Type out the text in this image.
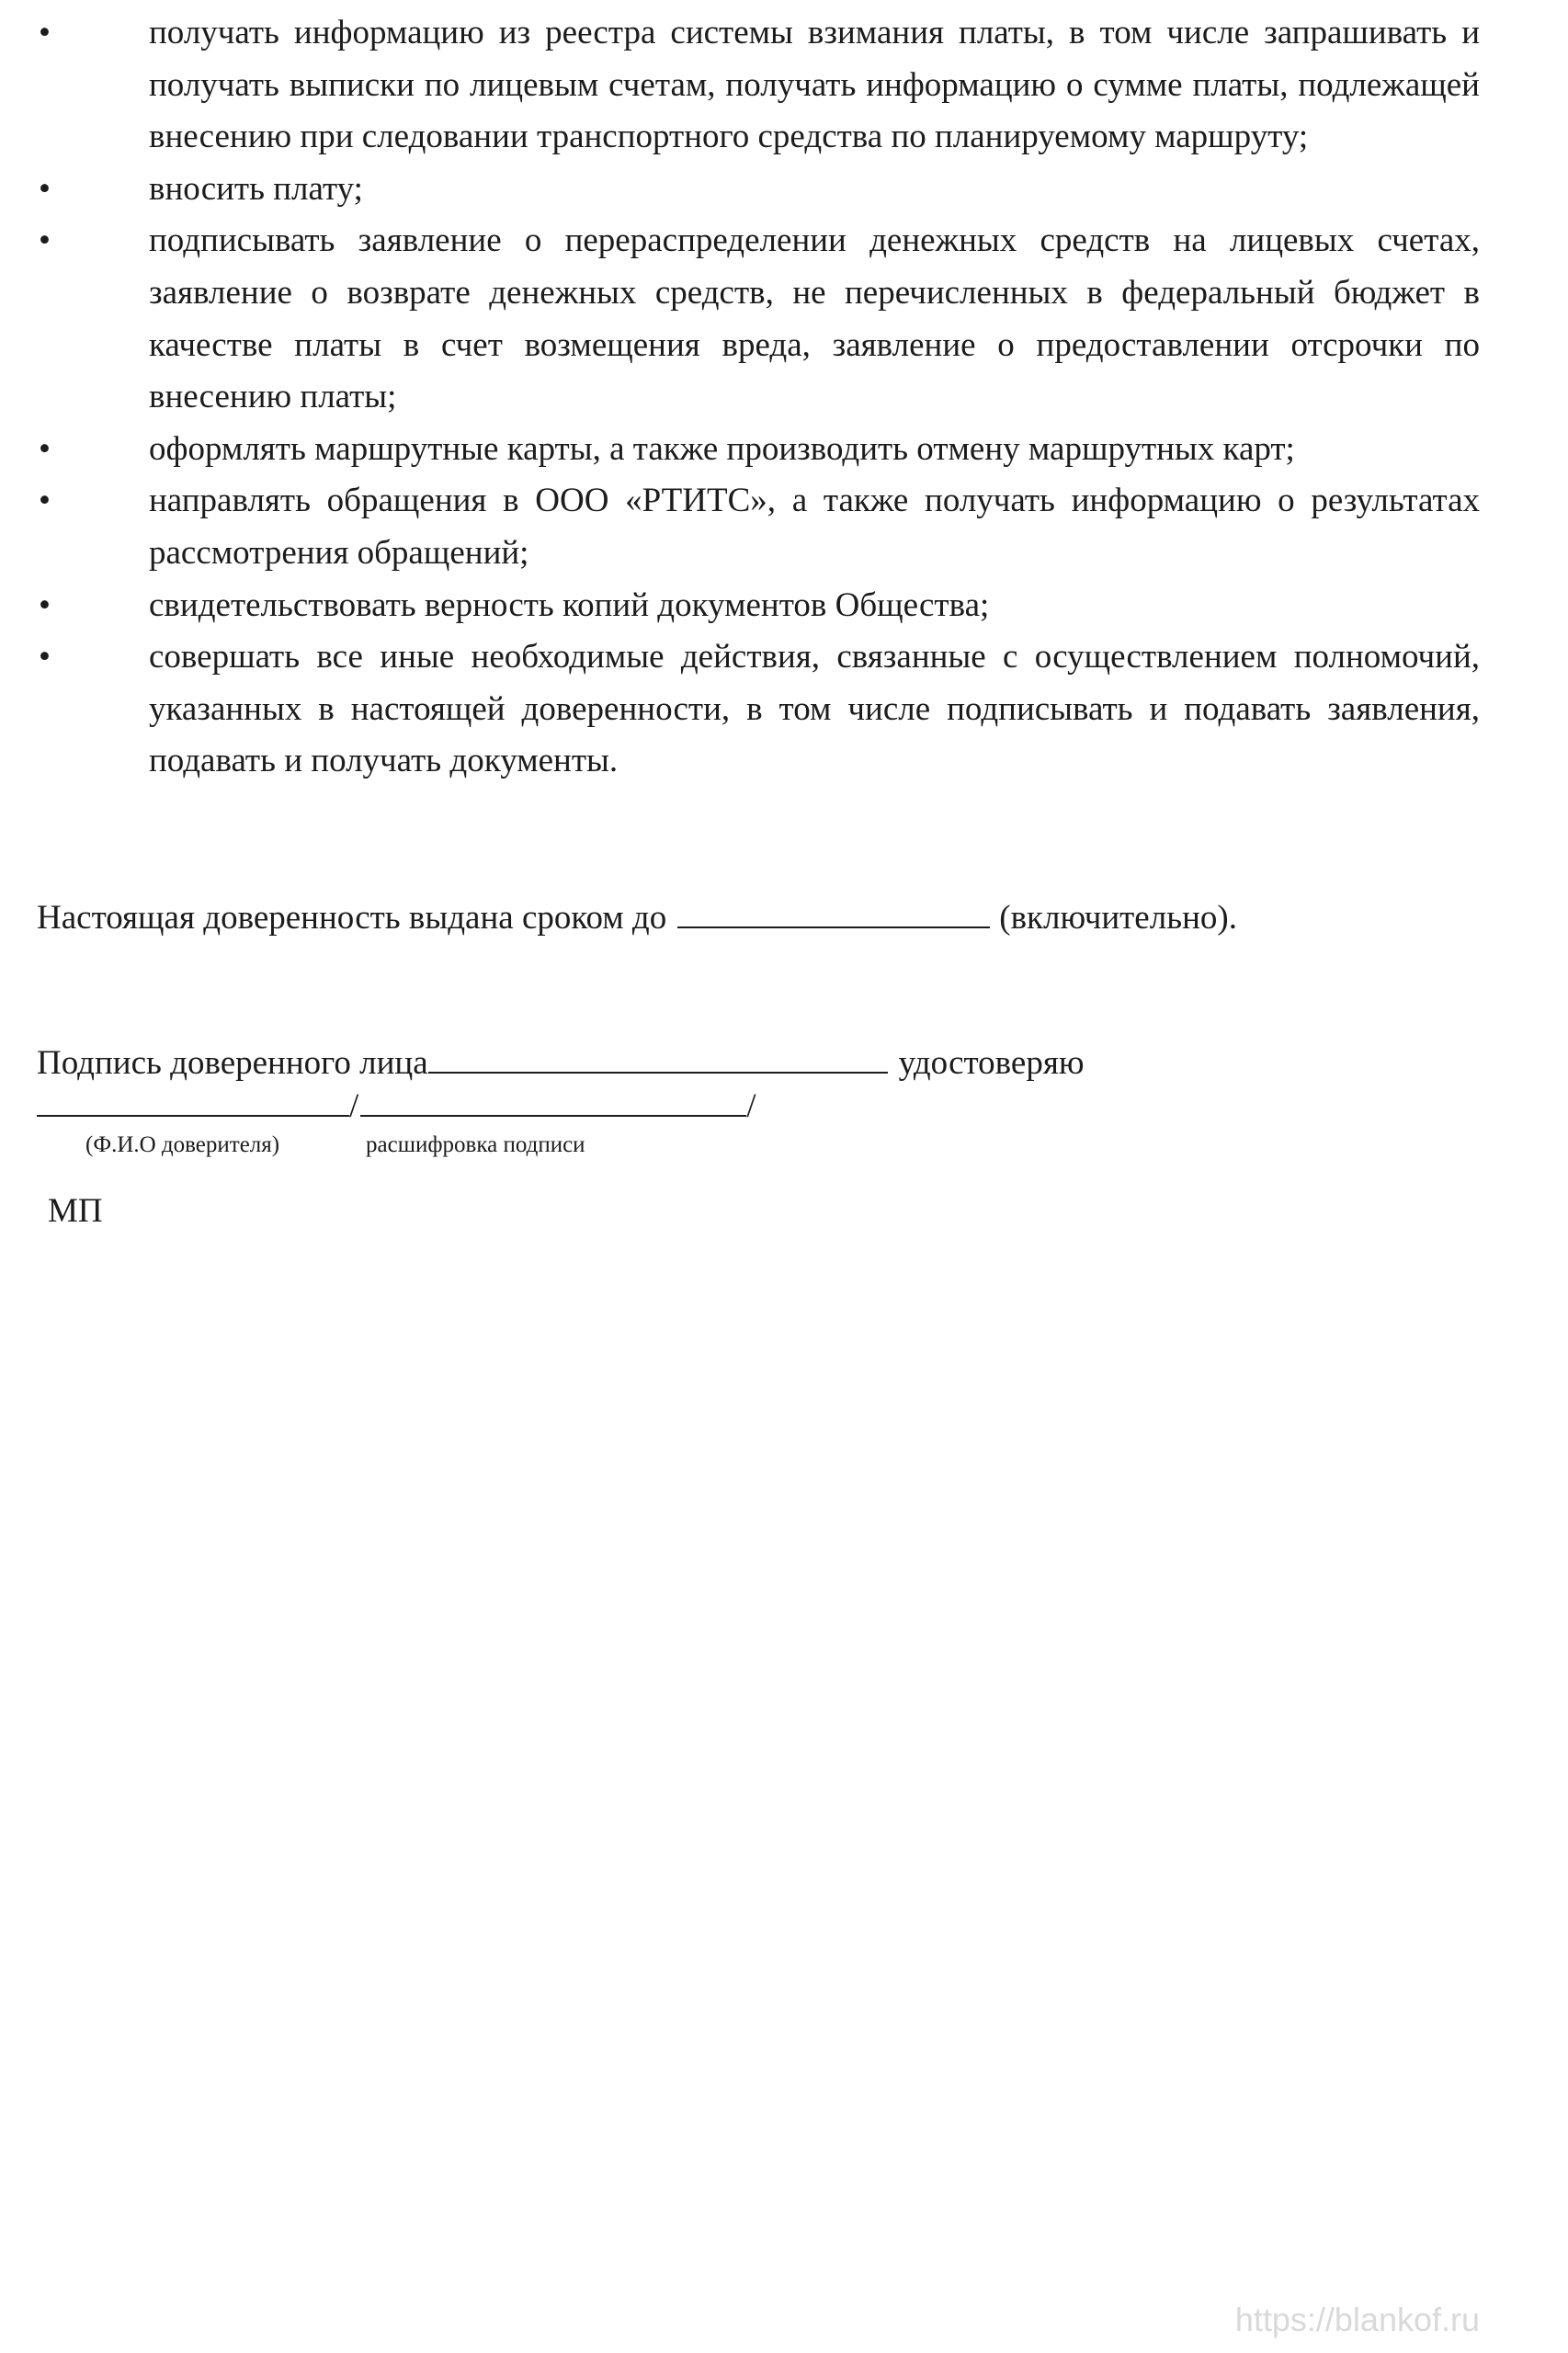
•	получать информацию из реестра системы взимания платы, в том числе запрашивать и получать выписки по лицевым счетам, получать информацию о сумме платы, подлежащей внесению при следовании транспортного средства по планируемому маршруту;
•	вносить плату;
•	подписывать заявление о перераспределении денежных средств на лицевых счетах, заявление о возврате денежных средств, не перечисленных в федеральный бюджет в качестве платы в счет возмещения вреда, заявление о предоставлении отсрочки по внесению платы;
•	оформлять маршрутные карты, а также производить отмену маршрутных карт;
•	направлять обращения в ООО «РТИТС», а также получать информацию о результатах рассмотрения обращений;
•	свидетельствовать верность копий документов Общества;
•	совершать все иные необходимые действия, связанные с осуществлением полномочий, указанных в настоящей доверенности, в том числе подписывать и подавать заявления, подавать и получать документы.
Настоящая доверенность выдана сроком до	(включительно).
Подпись доверенного лица	удостоверяю
/	/
(Ф.И.О доверителя)	расшифровка подписи
МП
https://blankof.ru
